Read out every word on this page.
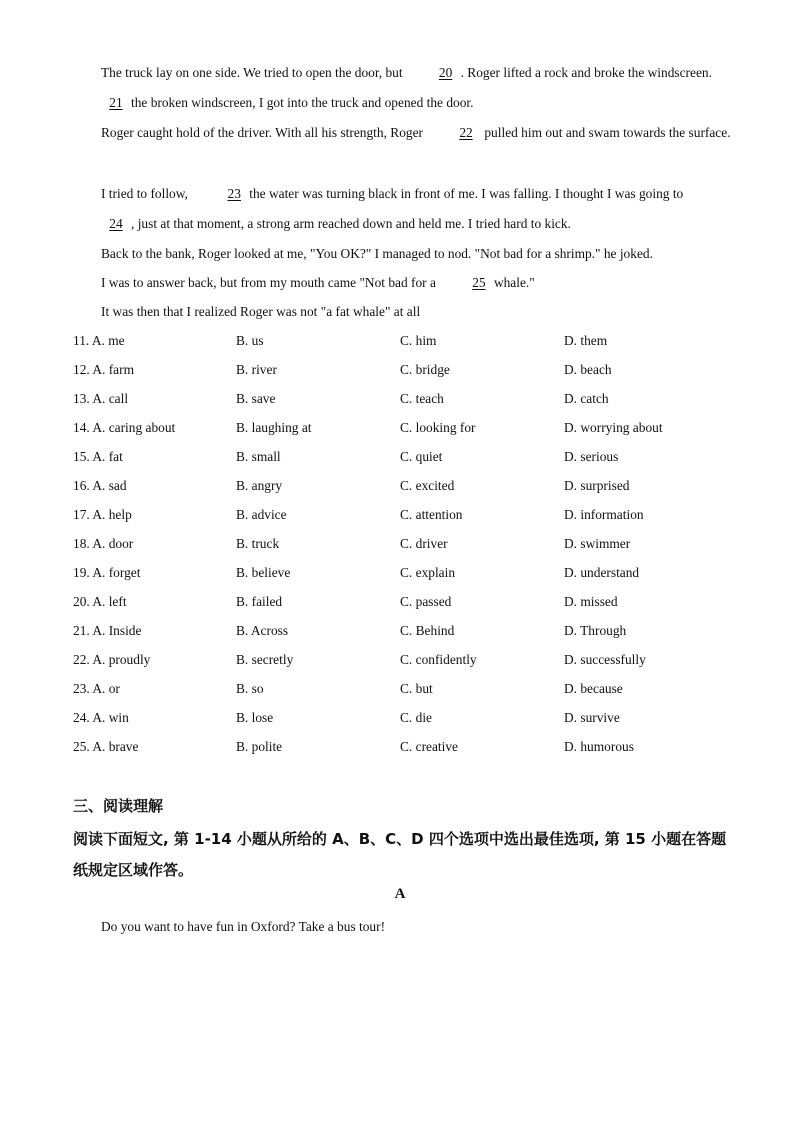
The truck lay on one side. We tried to open the door, but	20 . Roger lifted a rock and broke the windscreen. 21 the broken windscreen, I got into the truck and opened the door.
Roger caught hold of the driver. With all his strength, Roger	22 pulled him out and swam towards the surface.
I tried to follow,	23 the water was turning black in front of me. I was falling. I thought I was going to24 , just at that moment, a strong arm reached down and held me. I tried hard to kick.
Back to the bank, Roger looked at me, "You OK?" I managed to nod. "Not bad for a shrimp." he joked.
I was to answer back, but from my mouth came "Not bad for a	25 whale."
It was then that I realized Roger was not "a fat whale" at all
11. A. me	B. us	C. him	D. them
12. A. farm	B. river	C. bridge	D. beach
13. A. call	B. save	C. teach	D. catch
14. A. caring about	B. laughing at	C. looking for	D. worrying about
15. A. fat	B. small	C. quiet	D. serious
16. A. sad	B. angry	C. excited	D. surprised
17. A. help	B. advice	C. attention	D. information
18. A. door	B. truck	C. driver	D. swimmer
19. A. forget	B. believe	C. explain	D. understand
20. A. left	B. failed	C. passed	D. missed
21. A. Inside	B. Across	C. Behind	D. Through
22. A. proudly	B. secretly	C. confidently	D. successfully
23. A. or	B. so	C. but	D. because
24. A. win	B. lose	C. die	D. survive
25. A. brave	B. polite	C. creative	D. humorous
三、阅读理解
阅读下面短文, 第 1-14 小题从所给的 A、B、C、D 四个选项中选出最佳选项, 第 15 小题在答题纸规定区域作答。
A
Do you want to have fun in Oxford? Take a bus tour!
